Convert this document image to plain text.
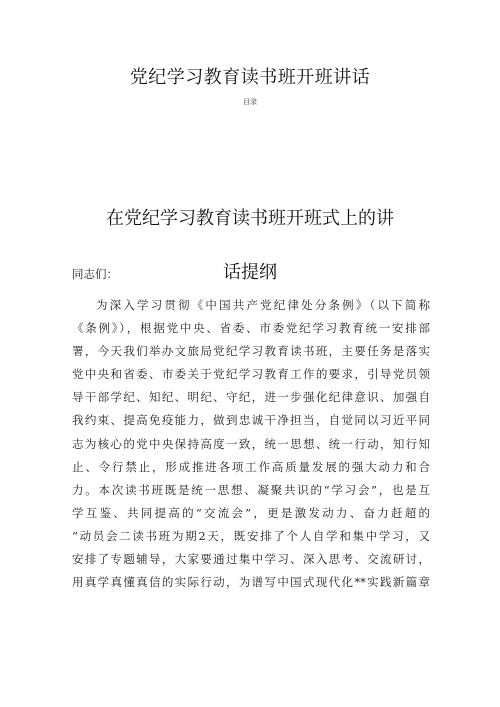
党纪学习教育读书班开班讲话
目录
在党纪学习教育读书班开班式上的讲
话提纲
同志们：
为深入学习贯彻《中国共产党纪律处分条例》（以下简称
《条例》），根据党中央、省委、市委党纪学习教育统一安排部
署，今天我们举办文旅局党纪学习教育读书班，主要任务是落实
党中央和省委、市委关于党纪学习教育工作的要求，引导党员领
导干部学纪、知纪、明纪、守纪，进一步强化纪律意识、加强自
我约束、提高免疫能力，做到忠诚干净担当，自觉同以习近平同
志为核心的党中央保持高度一致，统一思想、统一行动，知行知
止、令行禁止，形成推进各项工作高质量发展的强大动力和合
力。本次读书班既是统一思想、凝聚共识的“学习会”，也是互
学互鉴、共同提高的“交流会”，更是激发动力、奋力赶超的
“动员会二读书班为期2天，既安排了个人自学和集中学习，又
安排了专题辅导，大家要通过集中学习、深入思考、交流研讨，
用真学真懂真信的实际行动，为谱写中国式现代化**实践新篇章
